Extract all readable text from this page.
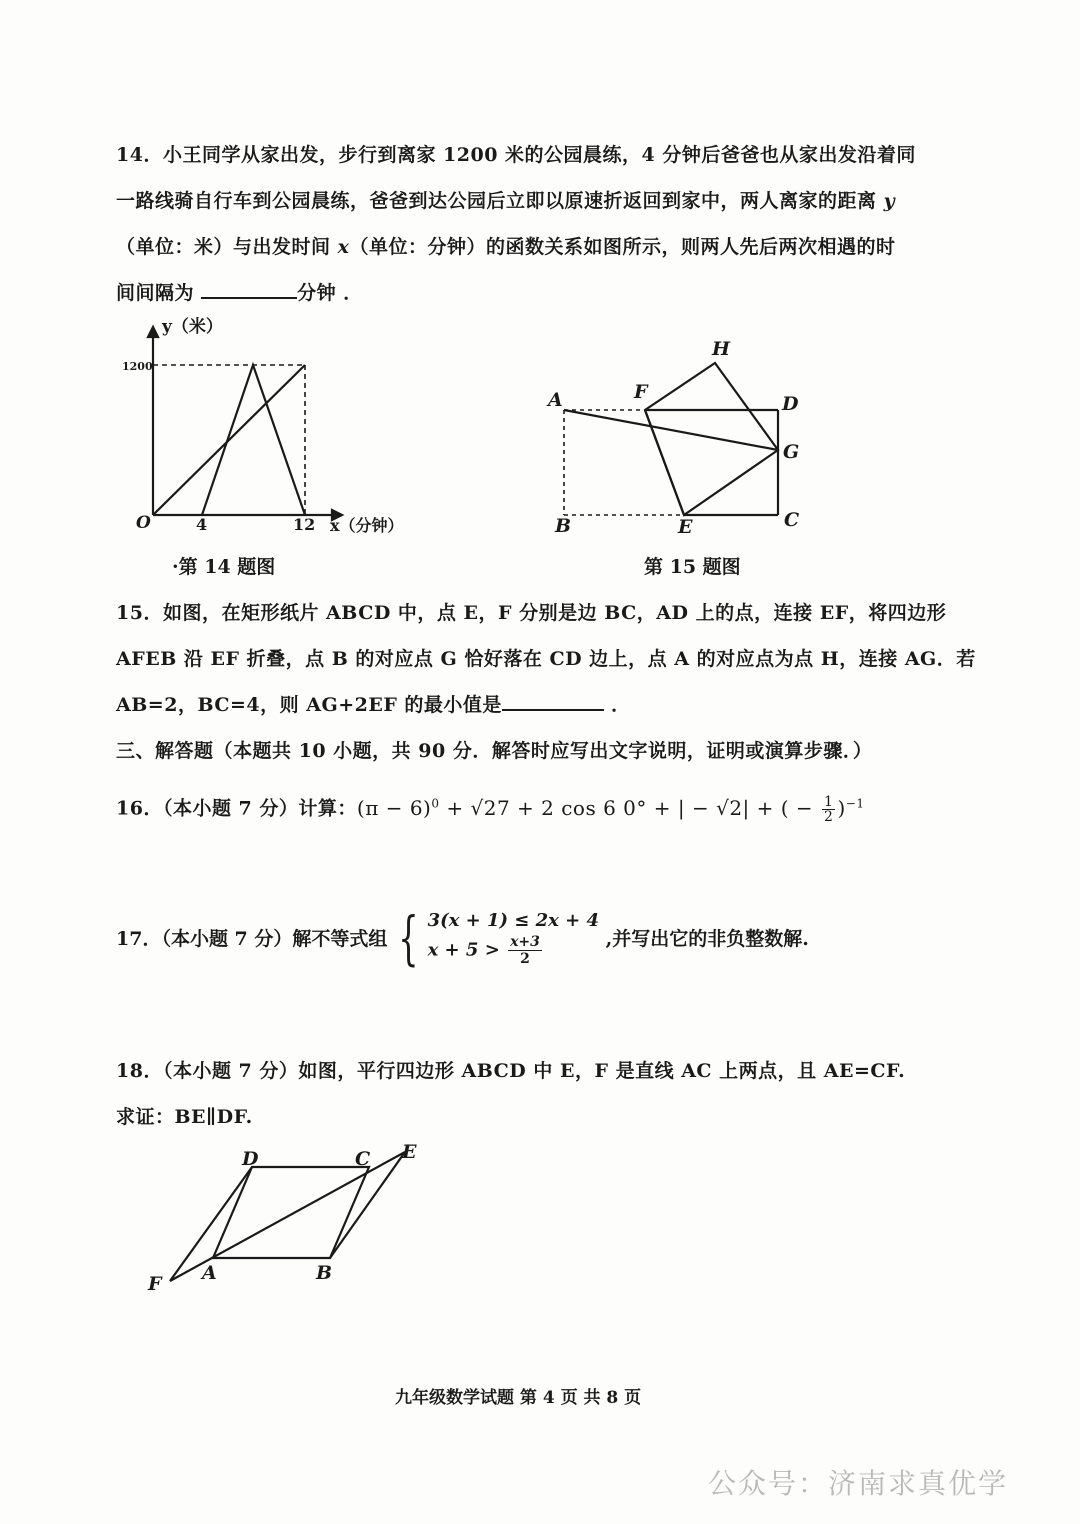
14．小王同学从家出发，步行到离家 1200 米的公园晨练，4 分钟后爸爸也从家出发沿着同
一路线骑自行车到公园晨练，爸爸到达公园后立即以原速折返回到家中，两人离家的距离 y
（单位：米）与出发时间 x（单位：分钟）的函数关系如图所示，则两人先后两次相遇的时
间间隔为	分钟 ．
y（米）
1200
O	4	12 x（分钟）
·第 14 题图
A
B	C
D
E
F
G
H
第 15 题图
15．如图，在矩形纸片 ABCD 中，点 E，F 分别是边 BC，AD 上的点，连接 EF，将四边形
AFEB 沿 EF 折叠，点 B 的对应点 G 恰好落在 CD 边上，点 A 的对应点为点 H，连接 AG．若
AB=2，BC=4，则 AG+2EF 的最小值是	．
三、解答题（本题共 10 小题，共 90 分．解答时应写出文字说明，证明或演算步骤．）
16．（本小题 7 分）计算：$(\pi - 6)^0 + √27 + 2$ cos 6 0° + | − √2| + ( − $\frac{1}{2} )^{-1}$
17．（本小题 7 分）解不等式组 { 3(x + 1) ≤ 2x + 4
$x + 5 > \frac{x+3}{2}$	,并写出它的非负整数解.
18．（本小题 7 分）如图，平行四边形 ABCD 中 E，F 是直线 AC 上两点，且 AE=CF.
求证：BE∥DF.
D	C E
A	B
F
九年级数学试题 第 4 页 共 8 页
公众号：济南求真优学
